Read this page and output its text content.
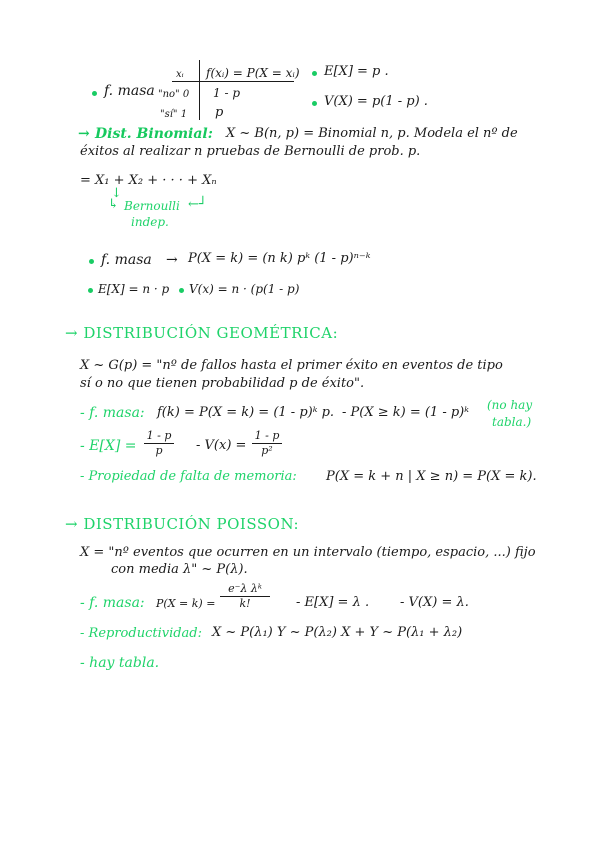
f. masa
xᵢ f(xᵢ) = P(X = xᵢ)
"no" 0 1 - p
"sí" 1 p
E[X] = p .
V(X) = p(1 - p) .
→ Dist. Binomial: X ~ B(n, p) = Binomial n, p. Modela el nº de
éxitos al realizar n pruebas de Bernoulli de prob. p.
= X₁ + X₂ + · · · + Xₙ
↓
↳ Bernoulli ←┘
indep.
f. masa → P(X = k) = (n k) pᵏ (1 - p)ⁿ⁻ᵏ
E[X] = n · p V(x) = n · (p(1 - p)
→ DISTRIBUCIÓN GEOMÉTRICA:
X ~ G(p) = "nº de fallos hasta el primer éxito en eventos de tipo
sí o no que tienen probabilidad p de éxito".
- f. masa: f(k) = P(X = k) = (1 - p)ᵏ p. - P(X ≥ k) = (1 - p)ᵏ (no hay
tabla.)
- E[X] =
1 - p
p	- V(x) =
1 - p
p²
- Propiedad de falta de memoria: P(X = k + n | X ≥ n) = P(X = k).
→ DISTRIBUCIÓN POISSON:
X = "nº eventos que ocurren en un intervalo (tiempo, espacio, ...) fijo
con media λ" ~ P(λ).
- f. masa: P(X = k) =
e⁻λ λᵏ
k!	- E[X] = λ . - V(X) = λ.
- Reproductividad: X ~ P(λ₁) Y ~ P(λ₂) X + Y ~ P(λ₁ + λ₂)
- hay tabla.
